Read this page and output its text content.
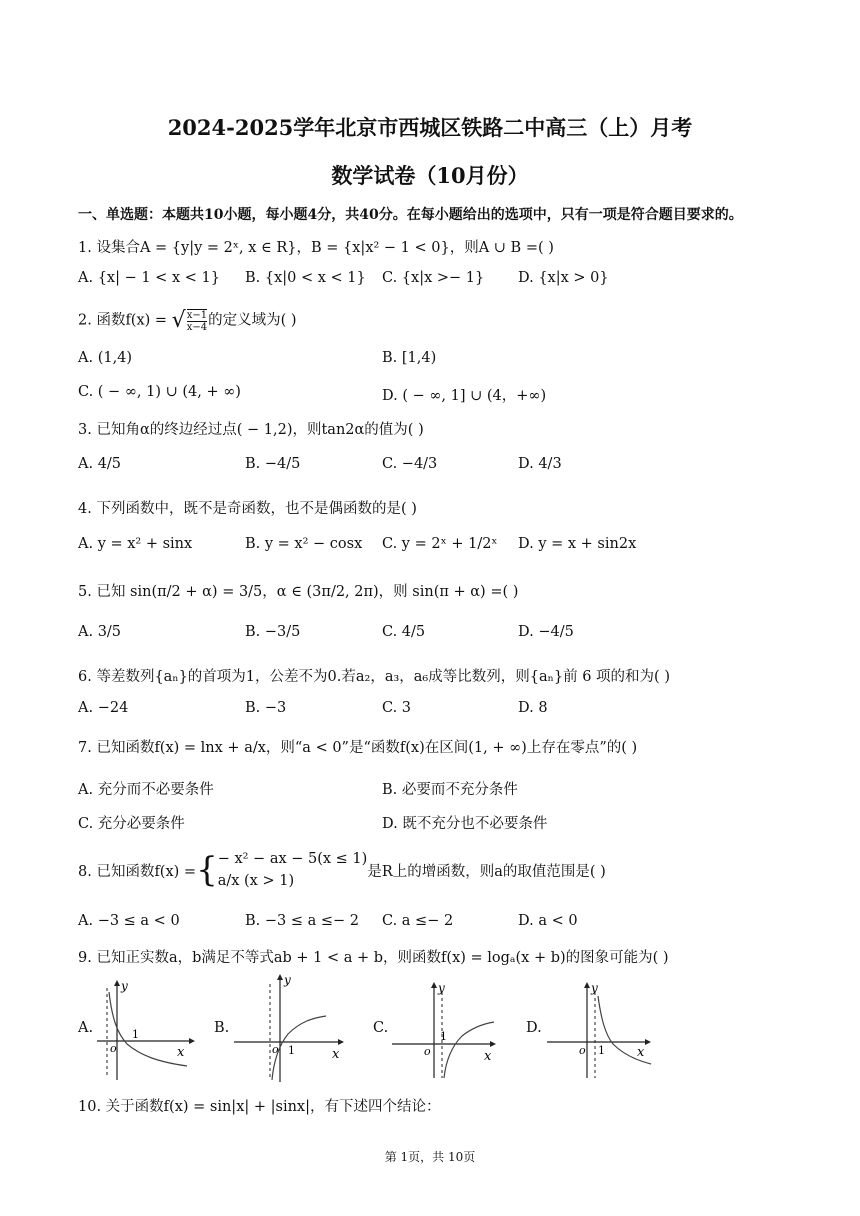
2024-2025学年北京市西城区铁路二中高三（上）月考
数学试卷（10月份）
一、单选题：本题共10小题，每小题4分，共40分。在每小题给出的选项中，只有一项是符合题目要求的。
1. 设集合A = {y|y = 2ˣ, x ∈ R}，B = {x|x² − 1 < 0}，则A ∪ B =( )
A. {x| − 1 < x < 1} B. {x|0 < x < 1} C. {x|x >− 1} D. {x|x > 0}
2. 函数f(x) = √ $\frac{x-1}{x-4}$ 的定义域为( )
A. (1,4)	B. [1,4)
C. ( − ∞, 1) ∪ (4, + ∞)	D. ( − ∞, 1] ∪ (4，+∞)
3. 已知角α的终边经过点( − 1,2)，则tan2α的值为( )
A. 4/5	B. −4/5	C. −4/3	D. 4/3
4. 下列函数中，既不是奇函数，也不是偶函数的是( )
A. y = x² + sinx	B. y = x² − cosx C. y = 2ˣ + 1/2ˣ D. y = x + sin2x
5. 已知 sin(π/2 + α) = 3/5，α ∈ (3π/2, 2π)，则 sin(π + α) =( )
A. 3/5	B. −3/5	C. 4/5	D. −4/5
6. 等差数列{aₙ}的首项为1，公差不为0.若a₂，a₃，a₆成等比数列，则{aₙ}前 6 项的和为( )
A. −24	B. −3	C. 3	D. 8
7. 已知函数f(x) = lnx + a/x，则“a < 0”是“函数f(x)在区间(1, + ∞)上存在零点”的( )
A. 充分而不必要条件	B. 必要而不充分条件
C. 充分必要条件	D. 既不充分也不必要条件
8. 已知函数f(x) ={ − x² − ax − 5(x ≤ 1)
a/x (x > 1)
是R上的增函数，则a的取值范围是( )
A. −3 ≤ a < 0	B. −3 ≤ a ≤− 2 C. a ≤− 2	D. a < 0
9. 已知正实数a，b满足不等式ab + 1 < a + b，则函数f(x) = logₐ(x + b)的图象可能为( )
A.	B.	C.	D.
y
x
o
1
y
x
o 1
y
x
o
1
y
x
o 1
10. 关于函数f(x) = sin|x| + |sinx|，有下述四个结论：
第 1页，共 10页
